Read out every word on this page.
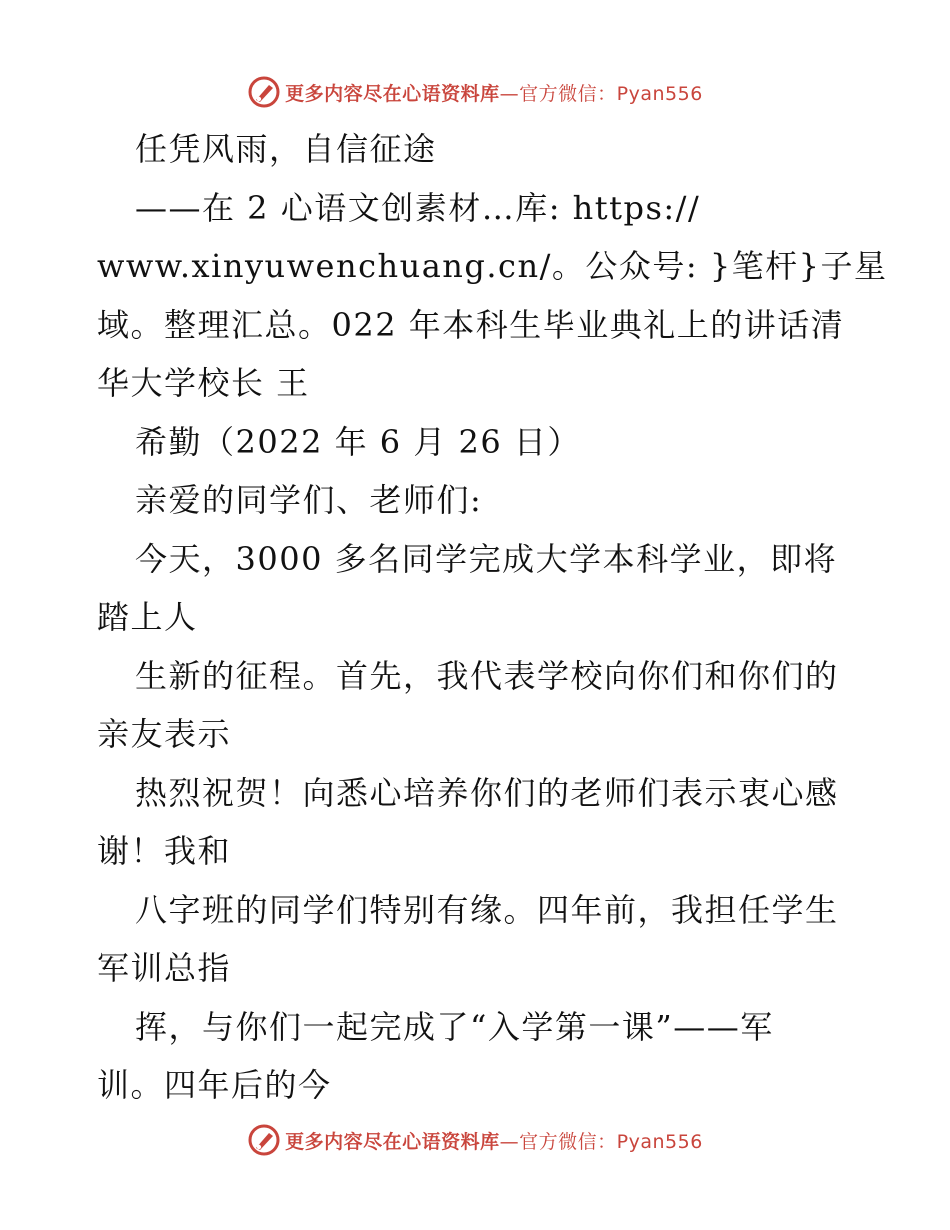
更多内容尽在心语资料库—官方微信：Pyan556
任凭风雨，自信征途
——在 2 心语文创素材…库: https://
www.xinyuwenchuang.cn/。公众号: }笔杆}子星
域。整理汇总。022 年本科生毕业典礼上的讲话清
华大学校长 王
希勤（2022 年 6 月 26 日）
亲爱的同学们、老师们:
今天，3000 多名同学完成大学本科学业，即将
踏上人
生新的征程。首先，我代表学校向你们和你们的
亲友表示
热烈祝贺！向悉心培养你们的老师们表示衷心感
谢！我和
八字班的同学们特别有缘。四年前，我担任学生
军训总指
挥，与你们一起完成了“入学第一课”——军
训。四年后的今
更多内容尽在心语资料库—官方微信：Pyan556
